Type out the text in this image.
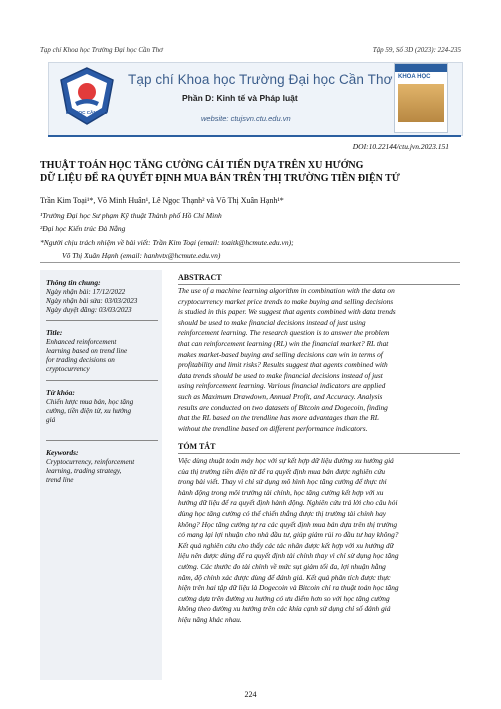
Tạp chí Khoa học Trường Đại học Cần Thơ	Tập 59, Số 3D (2023): 224-235
ĐẠI HỌC CẦN THƠ
Tạp chí Khoa học Trường Đại học Cần Thơ
Phần D: Kinh tế và Pháp luật
website: ctujsvn.ctu.edu.vn
KHOA HỌC
DOI:10.22144/ctu.jvn.2023.151
THUẬT TOÁN HỌC TĂNG CƯỜNG CẢI TIẾN DỰA TRÊN XU HƯỚNG
DỮ LIỆU ĐỂ RA QUYẾT ĐỊNH MUA BÁN TRÊN THỊ TRƯỜNG TIỀN ĐIỆN TỬ
Trần Kim Toại¹*, Võ Minh Huân¹, Lê Ngọc Thạnh² và Võ Thị Xuân Hạnh¹*
¹Trường Đại học Sư phạm Kỹ thuật Thành phố Hồ Chí Minh
²Đại học Kiến trúc Đà Nẵng
*Người chịu trách nhiệm về bài viết: Trần Kim Toại (email: toaitk@hcmute.edu.vn);
Võ Thị Xuân Hạnh (email: hanhvtx@hcmute.edu.vn)
Thông tin chung:
Ngày nhận bài: 17/12/2022
Ngày nhận bài sửa: 03/03/2023
Ngày duyệt đăng: 03/03/2023
Title:
Enhanced reinforcement
learning based on trend line
for trading decisions on
cryptocurrency
Từ khóa:
Chiến lược mua bán, học tăng
cường, tiền điện tử, xu hướng
giá
Keywords:
Cryptocurrency, reinforcement
learning, trading strategy,
trend line
ABSTRACT
The use of a machine learning algorithm in combination with the data on
cryptocurrency market price trends to make buying and selling decisions
is studied in this paper. We suggest that agents combined with data trends
should be used to make financial decisions instead of just using
reinforcement learning. The research question is to answer the problem
that can reinforcement learning (RL) win the financial market? RL that
makes market-based buying and selling decisions can win in terms of
profitability and limit risks? Results suggest that agents combined with
data trends should be used to make financial decisions instead of just
using reinforcement learning. Various financial indicators are applied
such as Maximum Drawdown, Annual Profit, and Accuracy. Analysis
results are conducted on two datasets of Bitcoin and Dogecoin, finding
that the RL based on the trendline has more advantages than the RL
without the trendline based on different performance indicators.
TÓM TẮT
Việc dùng thuật toán máy học với sự kết hợp dữ liệu đường xu hướng giá
của thị trường tiền điện tử để ra quyết định mua bán được nghiên cứu
trong bài viết. Thay vì chỉ sử dụng mô hình học tăng cường để thực thi
hành động trong môi trường tài chính, học tăng cường kết hợp với xu
hướng dữ liệu để ra quyết định hành động. Nghiên cứu trả lời cho câu hỏi
dùng học tăng cường có thể chiến thắng được thị trường tài chính hay
không? Học tăng cường tự ra các quyết định mua bán dựa trên thị trường
có mang lại lợi nhuận cho nhà đầu tư, giúp giảm rủi ro đầu tư hay không?
Kết quả nghiên cứu cho thấy các tác nhân được kết hợp với xu hướng dữ
liệu nên được dùng để ra quyết định tài chính thay vì chỉ sử dụng học tăng
cường. Các thước đo tài chính về mức sụt giảm tối đa, lợi nhuận hằng
năm, độ chính xác được dùng để đánh giá. Kết quả phân tích được thực
hiện trên hai tập dữ liệu là Dogecoin và Bitcoin chỉ ra thuật toán học tăng
cường dựa trên đường xu hướng có ưu điểm hơn so với học tăng cường
không theo đường xu hướng trên các khía cạnh sử dụng chỉ số đánh giá
hiệu năng khác nhau.
224
